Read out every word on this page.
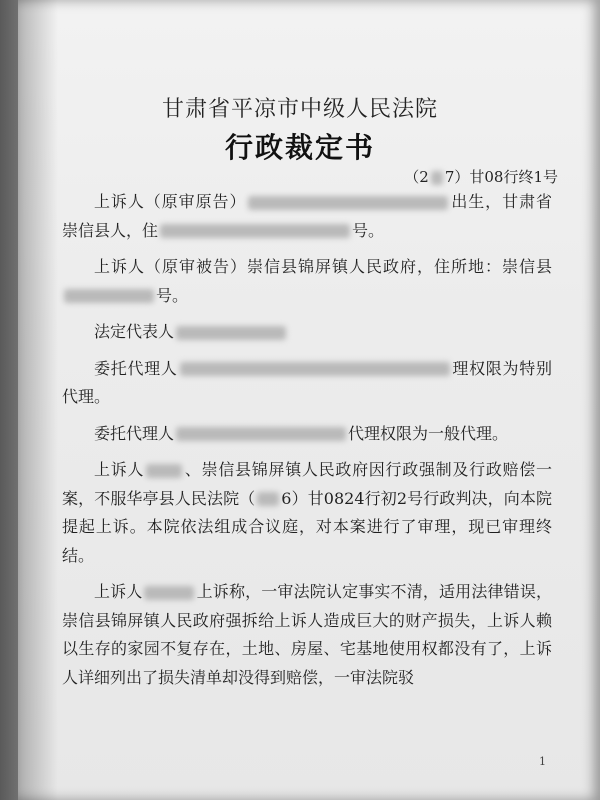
甘肃省平凉市中级人民法院
行政裁定书
（2 7）甘08行终1号

上诉人（原审原告）	出生，甘肃省崇信县人，住	号。

上诉人（原审被告）崇信县锦屏镇人民政府，住所地：崇信县号。

法定代表人

委托代理人	理权限为特别代理。

委托代理人	代理权限为一般代理。

上诉人	、崇信县锦屏镇人民政府因行政强制及行政赔偿一案，不服华亭县人民法院（ 6）甘0824行初2号行政判决，向本院提起上诉。本院依法组成合议庭，对本案进行了审理，现已审理终结。

上诉人	上诉称，一审法院认定事实不清，适用法律错误，崇信县锦屏镇人民政府强拆给上诉人造成巨大的财产损失，上诉人赖以生存的家园不复存在，土地、房屋、宅基地使用权都没有了，上诉人详细列出了损失清单却没得到赔偿，一审法院驳

1
